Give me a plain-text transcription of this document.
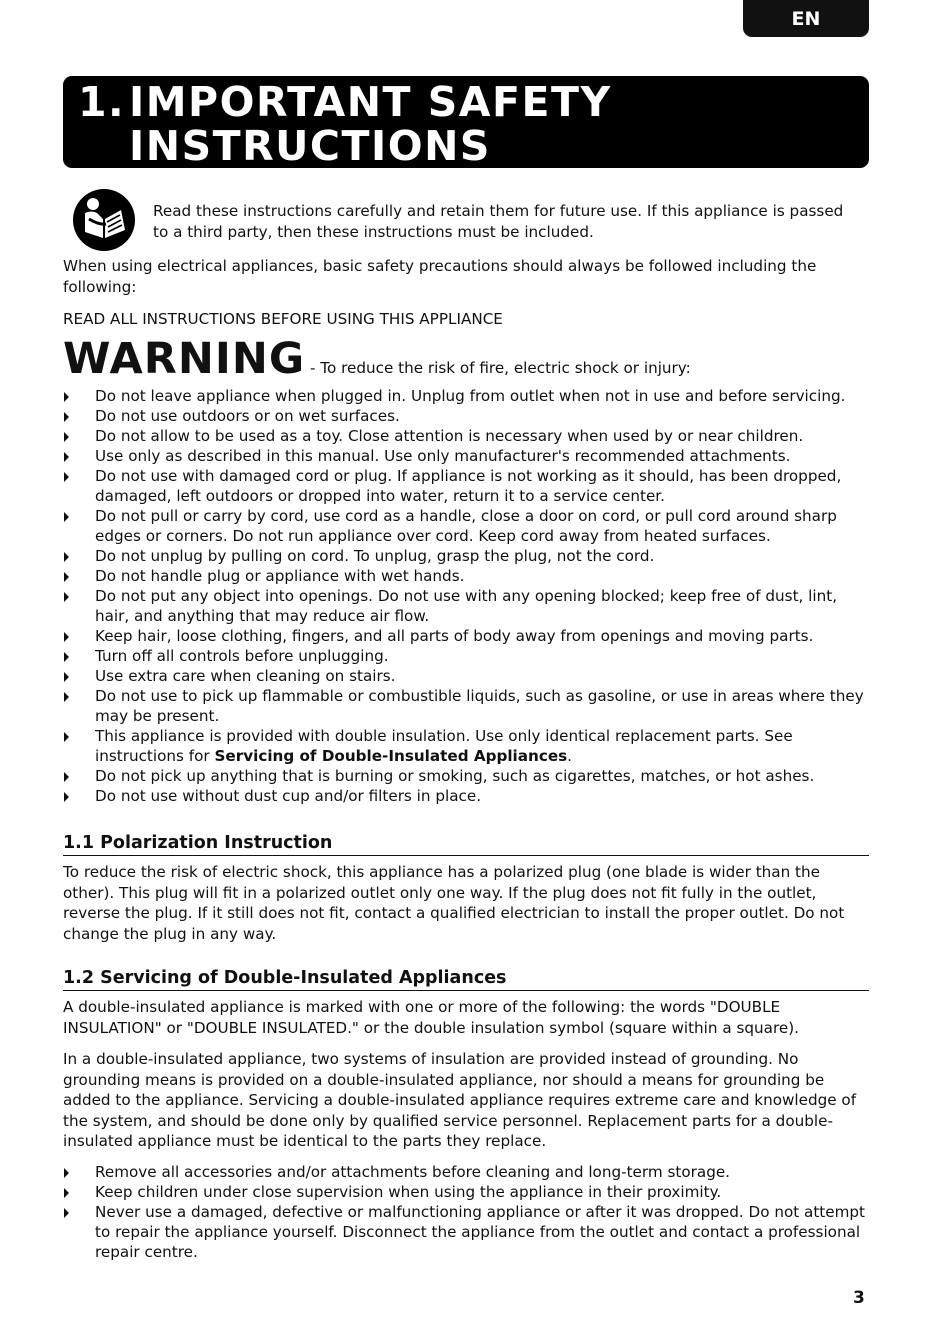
EN
1. IMPORTANT SAFETY INSTRUCTIONS
Read these instructions carefully and retain them for future use. If this appliance is passed to a third party, then these instructions must be included.
When using electrical appliances, basic safety precautions should always be followed including the following:
READ ALL INSTRUCTIONS BEFORE USING THIS APPLIANCE
WARNING - To reduce the risk of fire, electric shock or injury:
Do not leave appliance when plugged in. Unplug from outlet when not in use and before servicing.
Do not use outdoors or on wet surfaces.
Do not allow to be used as a toy. Close attention is necessary when used by or near children.
Use only as described in this manual. Use only manufacturer's recommended attachments.
Do not use with damaged cord or plug. If appliance is not working as it should, has been dropped, damaged, left outdoors or dropped into water, return it to a service center.
Do not pull or carry by cord, use cord as a handle, close a door on cord, or pull cord around sharp edges or corners. Do not run appliance over cord. Keep cord away from heated surfaces.
Do not unplug by pulling on cord. To unplug, grasp the plug, not the cord.
Do not handle plug or appliance with wet hands.
Do not put any object into openings. Do not use with any opening blocked; keep free of dust, lint, hair, and anything that may reduce air flow.
Keep hair, loose clothing, fingers, and all parts of body away from openings and moving parts.
Turn off all controls before unplugging.
Use extra care when cleaning on stairs.
Do not use to pick up flammable or combustible liquids, such as gasoline, or use in areas where they may be present.
This appliance is provided with double insulation. Use only identical replacement parts. See instructions for Servicing of Double-Insulated Appliances.
Do not pick up anything that is burning or smoking, such as cigarettes, matches, or hot ashes.
Do not use without dust cup and/or filters in place.
1.1 Polarization Instruction
To reduce the risk of electric shock, this appliance has a polarized plug (one blade is wider than the other). This plug will fit in a polarized outlet only one way. If the plug does not fit fully in the outlet, reverse the plug. If it still does not fit, contact a qualified electrician to install the proper outlet. Do not change the plug in any way.
1.2 Servicing of Double-Insulated Appliances
A double-insulated appliance is marked with one or more of the following: the words "DOUBLE INSULATION" or "DOUBLE INSULATED." or the double insulation symbol (square within a square).
In a double-insulated appliance, two systems of insulation are provided instead of grounding. No grounding means is provided on a double-insulated appliance, nor should a means for grounding be added to the appliance. Servicing a double-insulated appliance requires extreme care and knowledge of the system, and should be done only by qualified service personnel. Replacement parts for a double-insulated appliance must be identical to the parts they replace.
Remove all accessories and/or attachments before cleaning and long-term storage.
Keep children under close supervision when using the appliance in their proximity.
Never use a damaged, defective or malfunctioning appliance or after it was dropped. Do not attempt to repair the appliance yourself. Disconnect the appliance from the outlet and contact a professional repair centre.
3
